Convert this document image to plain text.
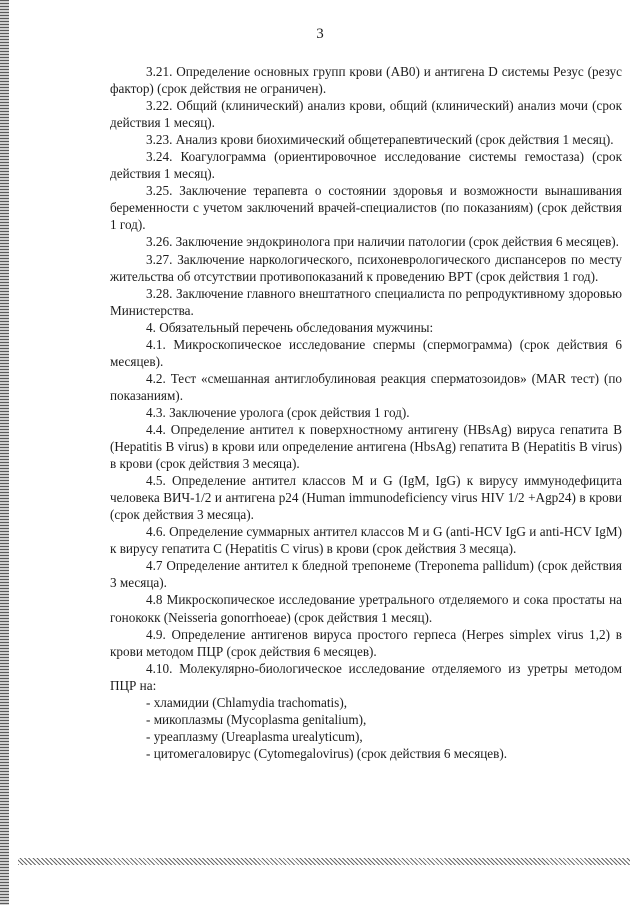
3

3.21. Определение основных групп крови (АВ0) и антигена D системы Резус (резус фактор) (срок действия не ограничен).

3.22. Общий (клинический) анализ крови, общий (клинический) анализ мочи (срок действия 1 месяц).

3.23. Анализ крови биохимический общетерапевтический (срок действия 1 месяц).

3.24. Коагулограмма (ориентировочное исследование системы гемостаза) (срок действия 1 месяц).

3.25. Заключение терапевта о состоянии здоровья и возможности вынашивания беременности с учетом заключений врачей-специалистов (по показаниям) (срок действия 1 год).

3.26. Заключение эндокринолога при наличии патологии (срок действия 6 месяцев).

3.27. Заключение наркологического, психоневрологического диспансеров по месту жительства об отсутствии противопоказаний к проведению ВРТ (срок действия 1 год).

3.28. Заключение главного внештатного специалиста по репродуктивному здоровью Министерства.

4. Обязательный перечень обследования мужчины:

4.1. Микроскопическое исследование спермы (спермограмма) (срок действия 6 месяцев).

4.2. Тест «смешанная антиглобулиновая реакция сперматозоидов» (MAR тест) (по показаниям).

4.3. Заключение уролога (срок действия 1 год).

4.4. Определение антител к поверхностному антигену (HBsAg) вируса гепатита В (Hepatitis В virus) в крови или определение антигена (HbsAg) гепатита В (Hepatitis В virus) в крови (срок действия 3 месяца).

4.5. Определение антител классов М и G (IgM, IgG) к вирусу иммунодефицита человека ВИЧ-1/2 и антигена р24 (Human immunodeficiency virus HIV 1/2 +Agp24) в крови (срок действия 3 месяца).

4.6. Определение суммарных антител классов М и G (anti-HCV IgG и anti-HCV IgM) к вирусу гепатита С (Hepatitis С virus) в крови (срок действия 3 месяца).

4.7 Определение антител к бледной трепонеме (Treponema pallidum) (срок действия 3 месяца).

4.8 Микроскопическое исследование уретрального отделяемого и сока простаты на гонококк (Neisseria gonorrhoeae) (срок действия 1 месяц).

4.9. Определение антигенов вируса простого герпеса (Herpes simplex virus 1,2) в крови методом ПЦР (срок действия 6 месяцев).

4.10. Молекулярно-биологическое исследование отделяемого из уретры методом ПЦР на:

- хламидии (Chlamydia trachomatis),

- микоплазмы (Mycoplasma genitalium),

- уреаплазму (Ureaplasma urealyticum),

- цитомегаловирус (Cytomegalovirus) (срок действия 6 месяцев).
